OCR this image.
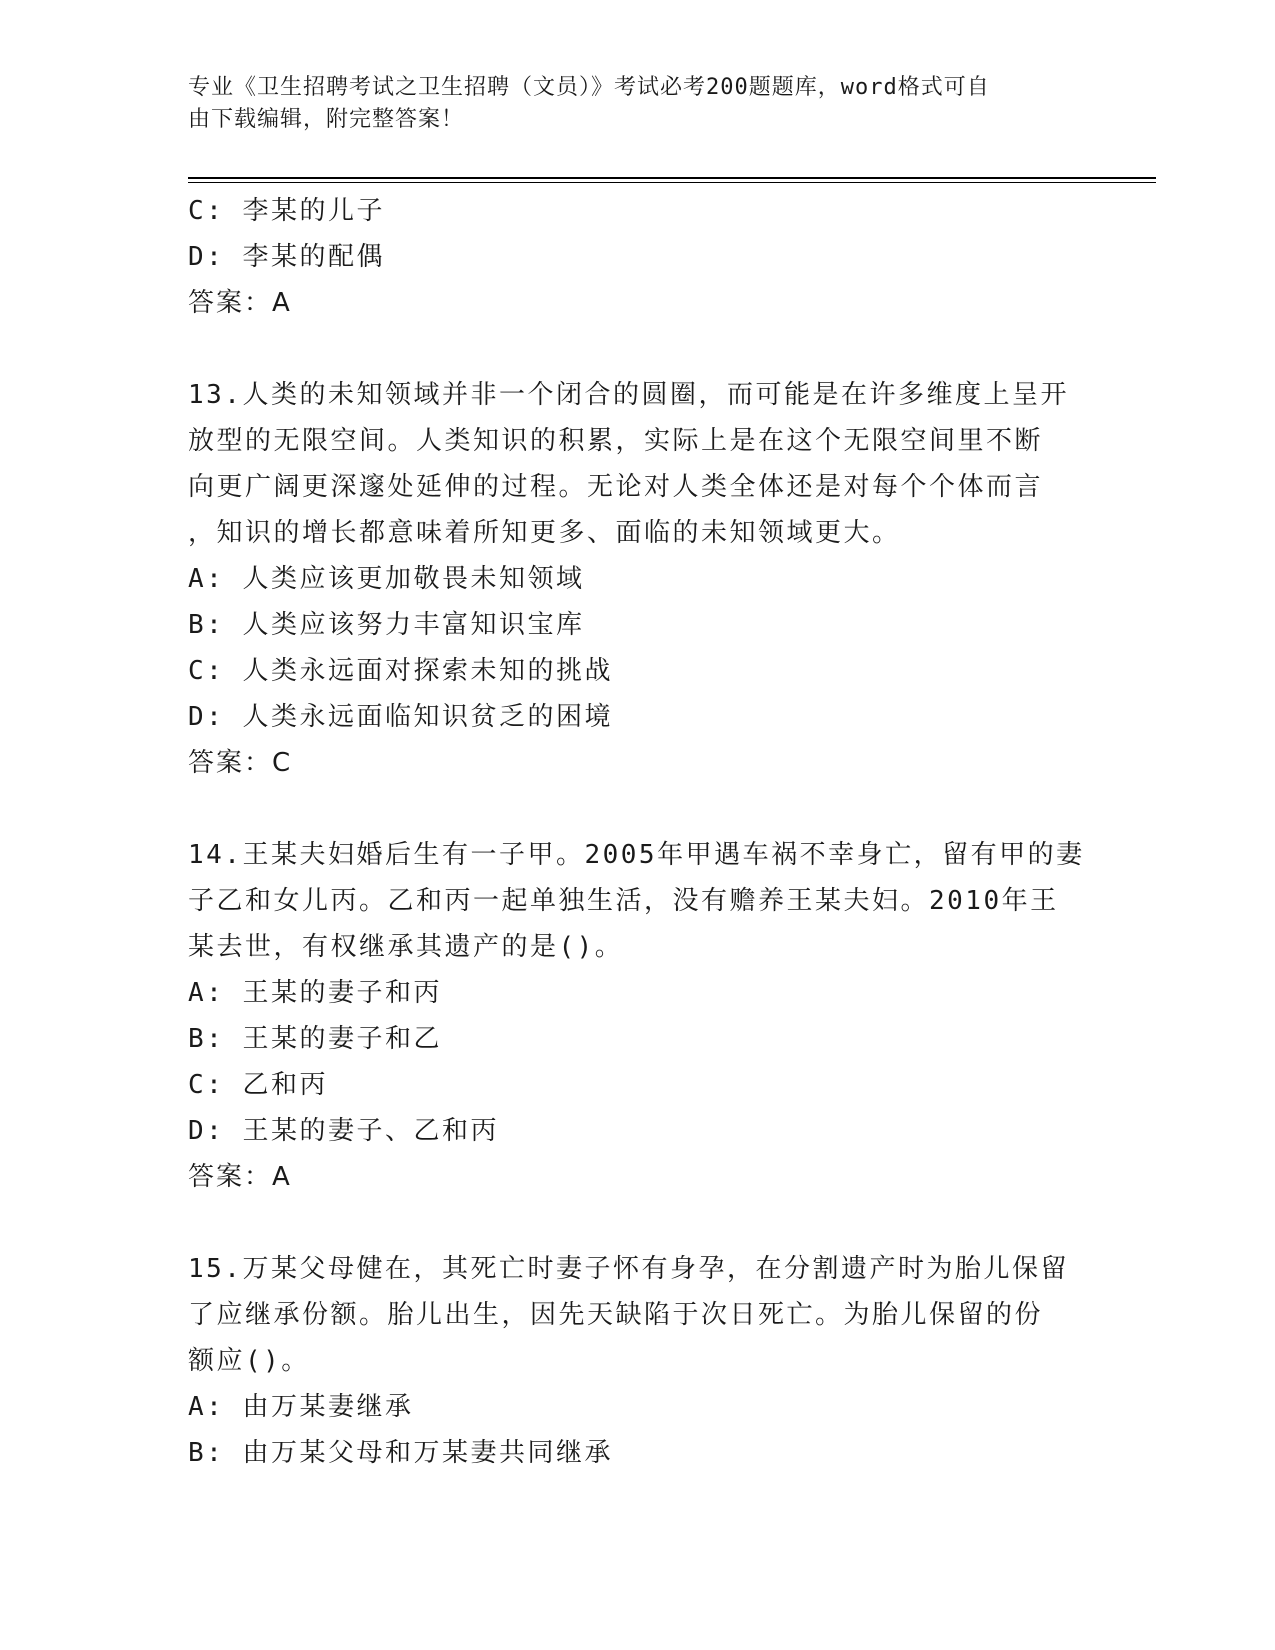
专业《卫生招聘考试之卫生招聘（文员）》考试必考200题题库，word格式可自
由下载编辑，附完整答案！
C: 李某的儿子
D: 李某的配偶
答案：A
13.人类的未知领域并非一个闭合的圆圈，而可能是在许多维度上呈开
放型的无限空间。人类知识的积累，实际上是在这个无限空间里不断
向更广阔更深邃处延伸的过程。无论对人类全体还是对每个个体而言
，知识的增长都意味着所知更多、面临的未知领域更大。
A: 人类应该更加敬畏未知领域
B: 人类应该努力丰富知识宝库
C: 人类永远面对探索未知的挑战
D: 人类永远面临知识贫乏的困境
答案：C
14.王某夫妇婚后生有一子甲。2005年甲遇车祸不幸身亡，留有甲的妻
子乙和女儿丙。乙和丙一起单独生活，没有赡养王某夫妇。2010年王
某去世，有权继承其遗产的是()。
A: 王某的妻子和丙
B: 王某的妻子和乙
C: 乙和丙
D: 王某的妻子、乙和丙
答案：A
15.万某父母健在，其死亡时妻子怀有身孕，在分割遗产时为胎儿保留
了应继承份额。胎儿出生，因先天缺陷于次日死亡。为胎儿保留的份
额应()。
A: 由万某妻继承
B: 由万某父母和万某妻共同继承
